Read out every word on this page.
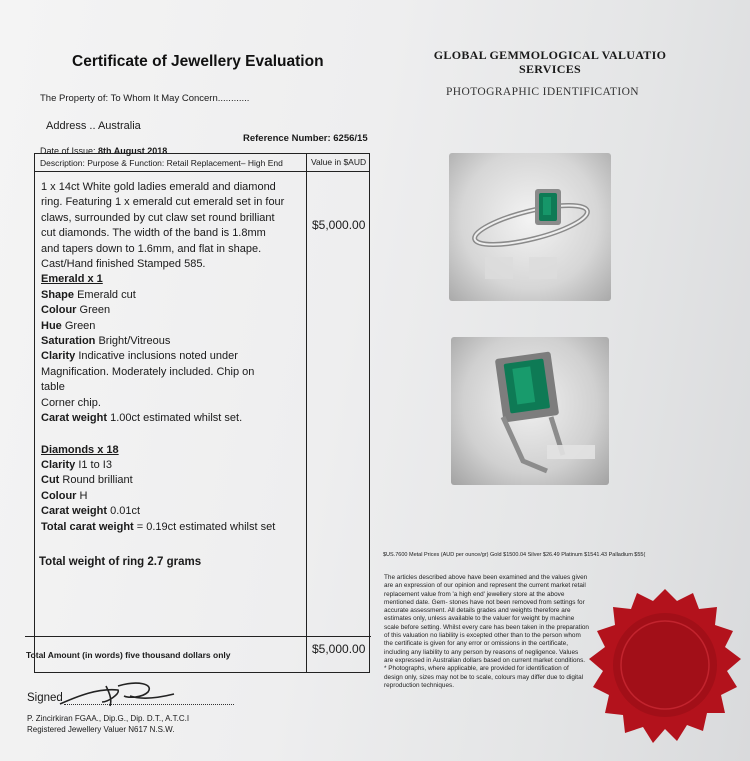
Certificate of Jewellery Evaluation
The Property of: To Whom It May Concern............
Address .. Australia
Reference Number: 6256/15
Date of Issue: 8th August 2018
Description: Purpose & Function: Retail Replacement– High End	Value in $AUD

1 x 14ct White gold ladies emerald and diamond

ring. Featuring 1 x emerald cut emerald set in four

claws, surrounded by cut claw set round brilliant

cut diamonds. The width of the band is 1.8mm

and tapers down to 1.6mm, and flat in shape.

Cast/Hand finished Stamped 585.

Emerald x 1

Shape Emerald cut

Colour Green

Hue Green

Saturation Bright/Vitreous

Clarity Indicative inclusions noted under

Magnification. Moderately included. Chip on

table

Corner chip.

Carat weight 1.00ct estimated whilst set.

Diamonds x 18

Clarity I1 to I3

Cut Round brilliant

Colour H

Carat weight 0.01ct

Total carat weight = 0.19ct estimated whilst set

$5,000.00
Total weight of ring 2.7 grams
Total Amount (in words) five thousand dollars only	$5,000.00
Signed
P. Zincirkiran FGAA., Dip.G., Dip. D.T., A.T.C.I
Registered Jewellery Valuer N617 N.S.W.
GLOBAL GEMMOLOGICAL VALUATIO
SERVICES
PHOTOGRAPHIC IDENTIFICATION
$US.7600 Metal Prices (AUD per ounce/gr) Gold $1500.04 Silver $26.49 Platinum $1541.43 Palladium $55(
The articles described above have been examined and the values given are an expression of our opinion and represent the current market retail replacement value from 'a high end' jewellery store at the above mentioned date. Gem- stones have not been removed from settings for accurate assessment. All details grades and weights therefore are estimates only, unless available to the valuer for weight by machine scale before setting. Whilst every care has been taken in the preparation of this valuation no liability is excepted other than to the person whom the certificate is given for any error or omissions in the certificate, including any liability to any person by reasons of negligence. Values are expressed in Australian dollars based on current market conditions. * Photographs, where applicable, are provided for identification of design only, sizes may not be to scale, colours may differ due to digital reproduction techniques.
